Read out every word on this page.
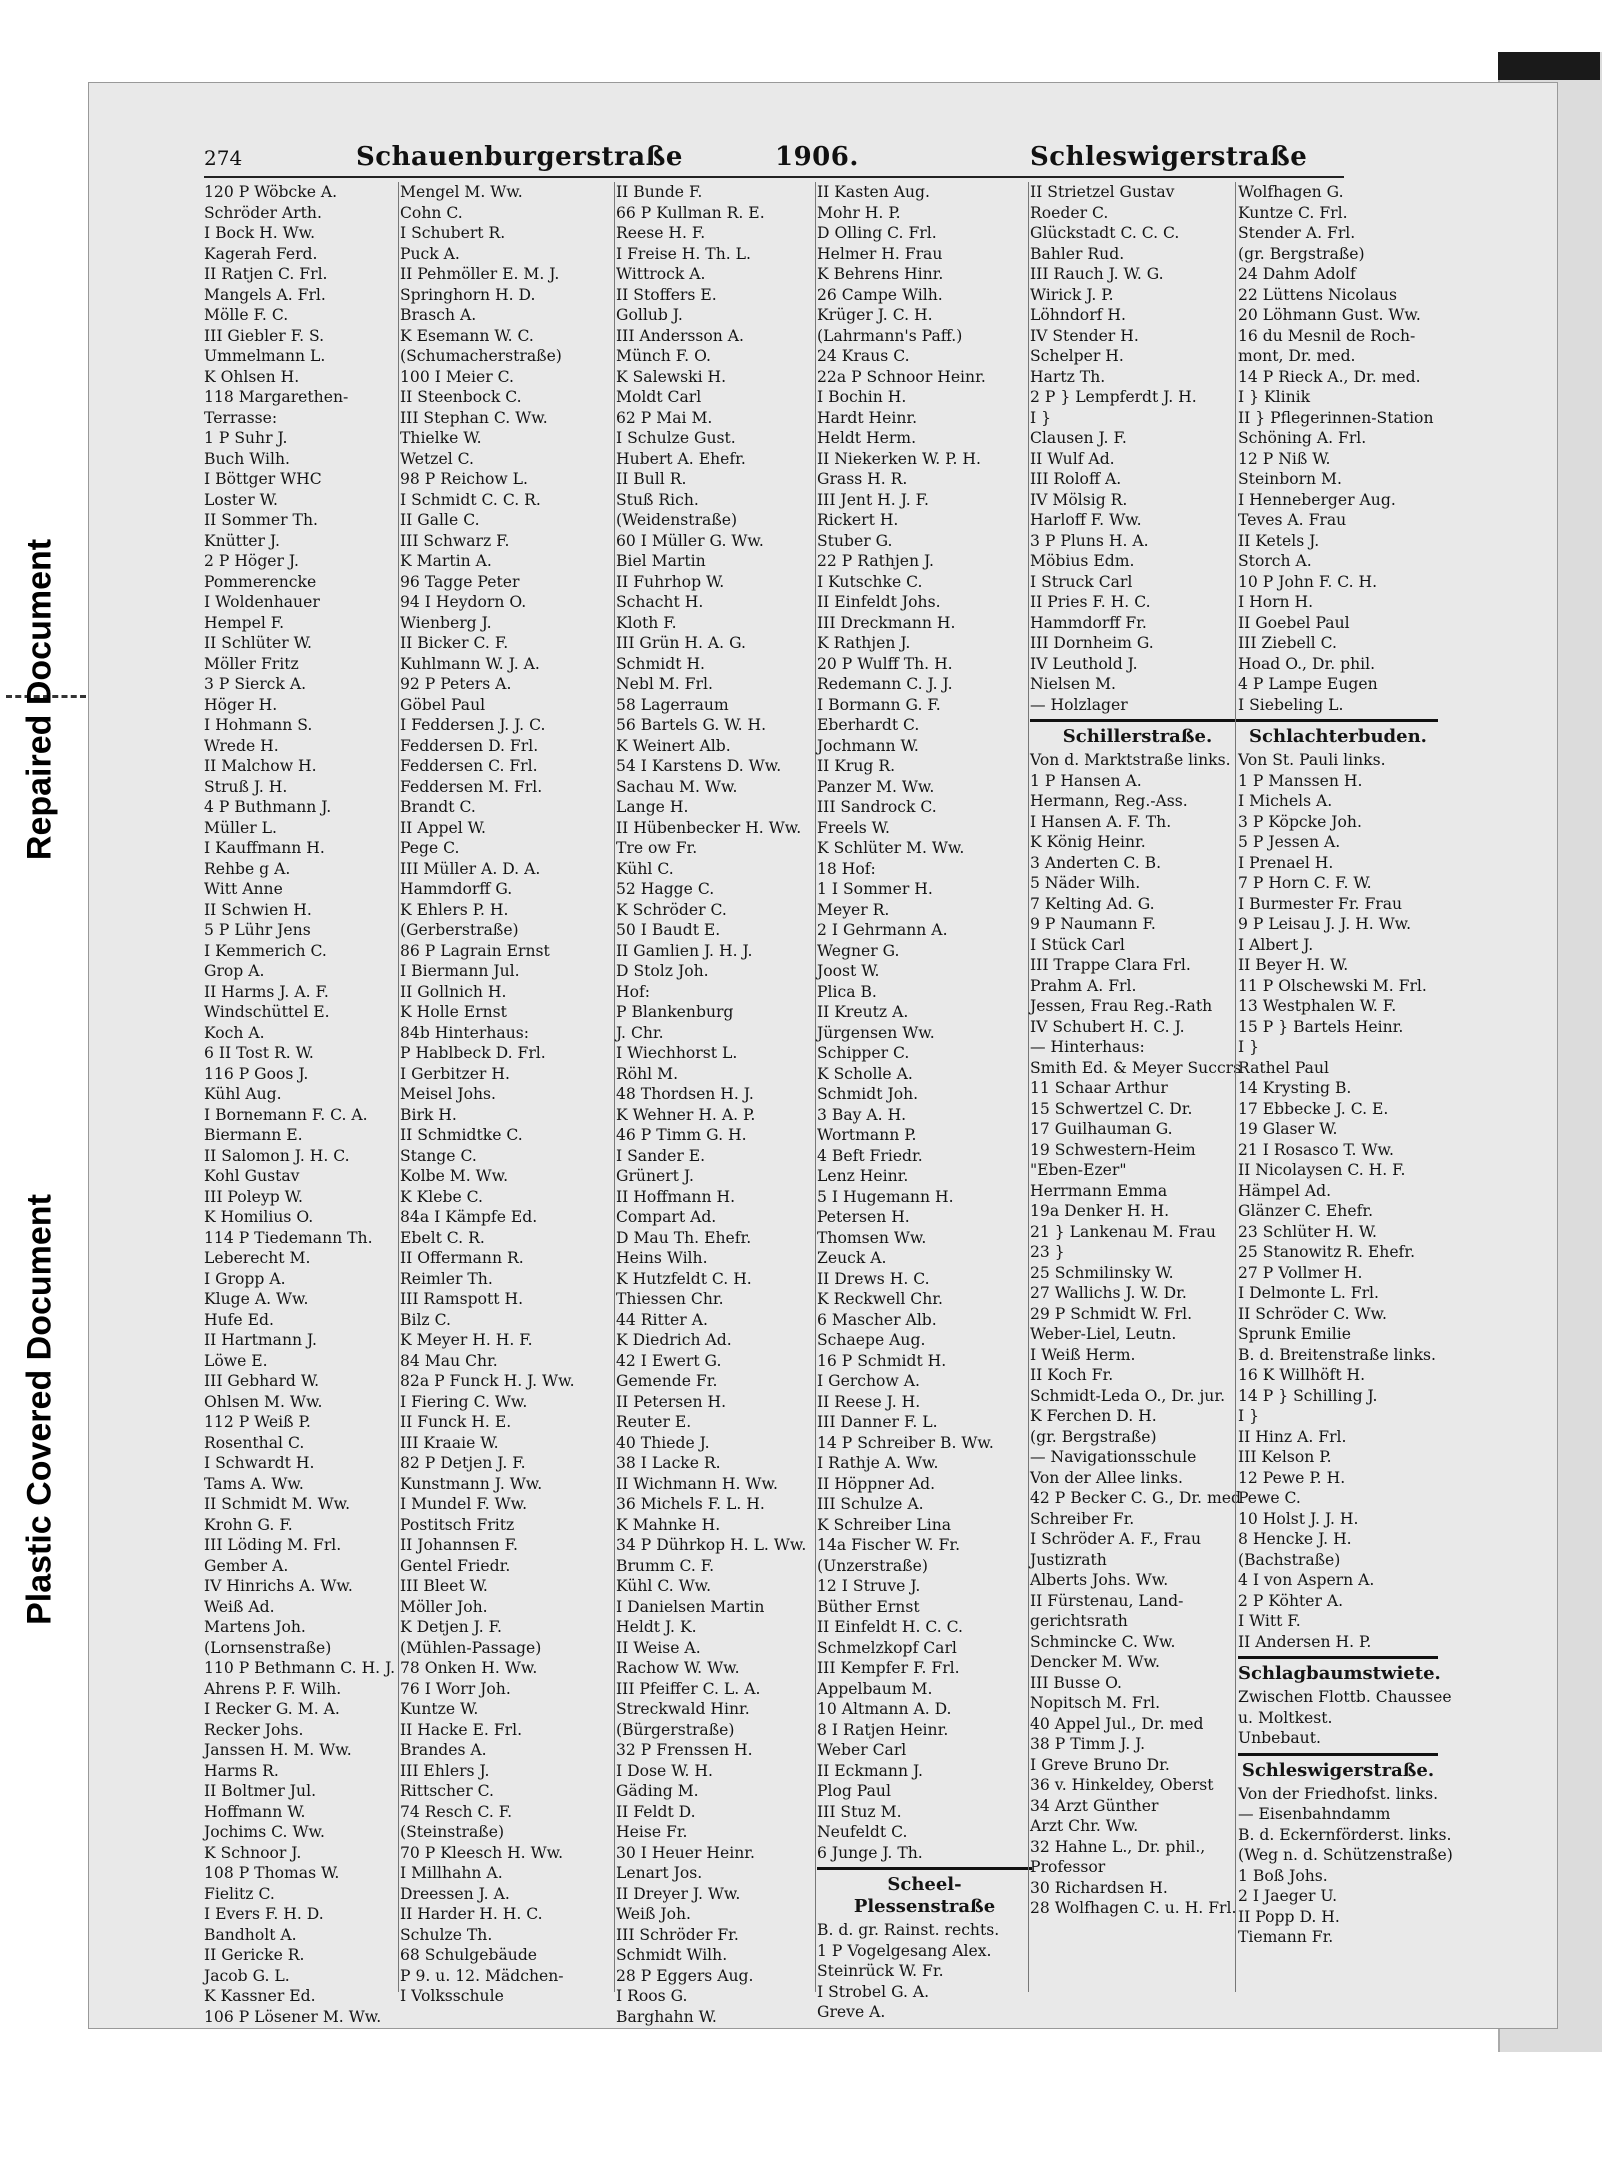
Repaired Document
Plastic Covered Document
274	Schauenburgerstraße	1906.	Schleswigerstraße
120 P Wöbcke A.
Schröder Arth.
I Bock H. Ww.
Kagerah Ferd.
II Ratjen C. Frl.
Mangels A. Frl.
Mölle F. C.
III Giebler F. S.
Ummelmann L.
K Ohlsen H.
118 Margarethen-
Terrasse:
1 P Suhr J.
Buch Wilh.
I Böttger WHC
Loster W.
II Sommer Th.
Knütter J.
2 P Höger J.
Pommerencke
I Woldenhauer
Hempel F.
II Schlüter W.
Möller Fritz
3 P Sierck A.
Höger H.
I Hohmann S.
Wrede H.
II Malchow H.
Struß J. H.
4 P Buthmann J.
Müller L.
I Kauffmann H.
Rehbe g A.
Witt Anne
II Schwien H.
5 P Lühr Jens
I Kemmerich C.
Grop A.
II Harms J. A. F.
Windschüttel E.
Koch A.
6 II Tost R. W.
116 P Goos J.
Kühl Aug.
I Bornemann F. C. A.
Biermann E.
II Salomon J. H. C.
Kohl Gustav
III Poleyp W.
K Homilius O.
114 P Tiedemann Th.
Leberecht M.
I Gropp A.
Kluge A. Ww.
Hufe Ed.
II Hartmann J.
Löwe E.
III Gebhard W.
Ohlsen M. Ww.
112 P Weiß P.
Rosenthal C.
I Schwardt H.
Tams A. Ww.
II Schmidt M. Ww.
Krohn G. F.
III Löding M. Frl.
Gember A.
IV Hinrichs A. Ww.
Weiß Ad.
Martens Joh.
(Lornsenstraße)
110 P Bethmann C. H. J.
Ahrens P. F. Wilh.
I Recker G. M. A.
Recker Johs.
Janssen H. M. Ww.
Harms R.
II Boltmer Jul.
Hoffmann W.
Jochims C. Ww.
K Schnoor J.
108 P Thomas W.
Fielitz C.
I Evers F. H. D.
Bandholt A.
II Gericke R.
Jacob G. L.
K Kassner Ed.
106 P Lösener M. Ww.
Mengel M. Ww.
Cohn C.
I Schubert R.
Puck A.
II Pehmöller E. M. J.
Springhorn H. D.
Brasch A.
K Esemann W. C.
(Schumacherstraße)
100 I Meier C.
II Steenbock C.
III Stephan C. Ww.
Thielke W.
Wetzel C.
98 P Reichow L.
I Schmidt C. C. R.
II Galle C.
III Schwarz F.
K Martin A.
96 Tagge Peter
94 I Heydorn O.
Wienberg J.
II Bicker C. F.
Kuhlmann W. J. A.
92 P Peters A.
Göbel Paul
I Feddersen J. J. C.
Feddersen D. Frl.
Feddersen C. Frl.
Feddersen M. Frl.
Brandt C.
II Appel W.
Pege C.
III Müller A. D. A.
Hammdorff G.
K Ehlers P. H.
(Gerberstraße)
86 P Lagrain Ernst
I Biermann Jul.
II Gollnich H.
K Holle Ernst
84b Hinterhaus:
P Hablbeck D. Frl.
I Gerbitzer H.
Meisel Johs.
Birk H.
II Schmidtke C.
Stange C.
Kolbe M. Ww.
K Klebe C.
84a I Kämpfe Ed.
Ebelt C. R.
II Offermann R.
Reimler Th.
III Ramspott H.
Bilz C.
K Meyer H. H. F.
84 Mau Chr.
82a P Funck H. J. Ww.
I Fiering C. Ww.
II Funck H. E.
III Kraaie W.
82 P Detjen J. F.
Kunstmann J. Ww.
I Mundel F. Ww.
Postitsch Fritz
II Johannsen F.
Gentel Friedr.
III Bleet W.
Möller Joh.
K Detjen J. F.
(Mühlen-Passage)
78 Onken H. Ww.
76 I Worr Joh.
Kuntze W.
II Hacke E. Frl.
Brandes A.
III Ehlers J.
Rittscher C.
74 Resch C. F.
(Steinstraße)
70 P Kleesch H. Ww.
I Millhahn A.
Dreessen J. A.
II Harder H. H. C.
Schulze Th.
68 Schulgebäude
P 9. u. 12. Mädchen-
I Volksschule
II Bunde F.
66 P Kullman R. E.
Reese H. F.
I Freise H. Th. L.
Wittrock A.
II Stoffers E.
Gollub J.
III Andersson A.
Münch F. O.
K Salewski H.
Moldt Carl
62 P Mai M.
I Schulze Gust.
Hubert A. Ehefr.
II Bull R.
Stuß Rich.
(Weidenstraße)
60 I Müller G. Ww.
Biel Martin
II Fuhrhop W.
Schacht H.
Kloth F.
III Grün H. A. G.
Schmidt H.
Nebl M. Frl.
58 Lagerraum
56 Bartels G. W. H.
K Weinert Alb.
54 I Karstens D. Ww.
Sachau M. Ww.
Lange H.
II Hübenbecker H. Ww.
Tre ow Fr.
Kühl C.
52 Hagge C.
K Schröder C.
50 I Baudt E.
II Gamlien J. H. J.
D Stolz Joh.
Hof:
P Blankenburg
J. Chr.
I Wiechhorst L.
Röhl M.
48 Thordsen H. J.
K Wehner H. A. P.
46 P Timm G. H.
I Sander E.
Grünert J.
II Hoffmann H.
Compart Ad.
D Mau Th. Ehefr.
Heins Wilh.
K Hutzfeldt C. H.
Thiessen Chr.
44 Ritter A.
K Diedrich Ad.
42 I Ewert G.
Gemende Fr.
II Petersen H.
Reuter E.
40 Thiede J.
38 I Lacke R.
II Wichmann H. Ww.
36 Michels F. L. H.
K Mahnke H.
34 P Dührkop H. L. Ww.
Brumm C. F.
Kühl C. Ww.
I Danielsen Martin
Heldt J. K.
II Weise A.
Rachow W. Ww.
III Pfeiffer C. L. A.
Streckwald Hinr.
(Bürgerstraße)
32 P Frenssen H.
I Dose W. H.
Gäding M.
II Feldt D.
Heise Fr.
30 I Heuer Heinr.
Lenart Jos.
II Dreyer J. Ww.
Weiß Joh.
III Schröder Fr.
Schmidt Wilh.
28 P Eggers Aug.
I Roos G.
Barghahn W.
II Kasten Aug.
Mohr H. P.
D Olling C. Frl.
Helmer H. Frau
K Behrens Hinr.
26 Campe Wilh.
Krüger J. C. H.
(Lahrmann's Paff.)
24 Kraus C.
22a P Schnoor Heinr.
I Bochin H.
Hardt Heinr.
Heldt Herm.
II Niekerken W. P. H.
Grass H. R.
III Jent H. J. F.
Rickert H.
Stuber G.
22 P Rathjen J.
I Kutschke C.
II Einfeldt Johs.
III Dreckmann H.
K Rathjen J.
20 P Wulff Th. H.
Redemann C. J. J.
I Bormann G. F.
Eberhardt C.
Jochmann W.
II Krug R.
Panzer M. Ww.
III Sandrock C.
Freels W.
K Schlüter M. Ww.
18 Hof:
1 I Sommer H.
Meyer R.
2 I Gehrmann A.
Wegner G.
Joost W.
Plica B.
II Kreutz A.
Jürgensen Ww.
Schipper C.
K Scholle A.
Schmidt Joh.
3 Bay A. H.
Wortmann P.
4 Beft Friedr.
Lenz Heinr.
5 I Hugemann H.
Petersen H.
Thomsen Ww.
Zeuck A.
II Drews H. C.
K Reckwell Chr.
6 Mascher Alb.
Schaepe Aug.
16 P Schmidt H.
I Gerchow A.
II Reese J. H.
III Danner F. L.
14 P Schreiber B. Ww.
I Rathje A. Ww.
II Höppner Ad.
III Schulze A.
K Schreiber Lina
14a Fischer W. Fr.
(Unzerstraße)
12 I Struve J.
Büther Ernst
II Einfeldt H. C. C.
Schmelzkopf Carl
III Kempfer F. Frl.
Appelbaum M.
10 Altmann A. D.
8 I Ratjen Heinr.
Weber Carl
II Eckmann J.
Plog Paul
III Stuz M.
Neufeldt C.
6 Junge J. Th.
Scheel-Plessenstraße
B. d. gr. Rainst. rechts.
1 P Vogelgesang Alex.
Steinrück W. Fr.
I Strobel G. A.
Greve A.
II Strietzel Gustav
Roeder C.
Glückstadt C. C. C.
Bahler Rud.
III Rauch J. W. G.
Wirick J. P.
Löhndorf H.
IV Stender H.
Schelper H.
Hartz Th.
2 P } Lempferdt J. H.
I }
Clausen J. F.
II Wulf Ad.
III Roloff A.
IV Mölsig R.
Harloff F. Ww.
3 P Pluns H. A.
Möbius Edm.
I Struck Carl
II Pries F. H. C.
Hammdorff Fr.
III Dornheim G.
IV Leuthold J.
Nielsen M.
— Holzlager
Schillerstraße.
Von d. Marktstraße links.
1 P Hansen A.
Hermann, Reg.-Ass.
I Hansen A. F. Th.
K König Heinr.
3 Anderten C. B.
5 Näder Wilh.
7 Kelting Ad. G.
9 P Naumann F.
I Stück Carl
III Trappe Clara Frl.
Prahm A. Frl.
Jessen, Frau Reg.-Rath
IV Schubert H. C. J.
— Hinterhaus:
Smith Ed. & Meyer Succrs
11 Schaar Arthur
15 Schwertzel C. Dr.
17 Guilhauman G.
19 Schwestern-Heim
"Eben-Ezer"
Herrmann Emma
19a Denker H. H.
21 } Lankenau M. Frau
23 }
25 Schmilinsky W.
27 Wallichs J. W. Dr.
29 P Schmidt W. Frl.
Weber-Liel, Leutn.
I Weiß Herm.
II Koch Fr.
Schmidt-Leda O., Dr. jur.
K Ferchen D. H.
(gr. Bergstraße)
— Navigationsschule
Von der Allee links.
42 P Becker C. G., Dr. med
Schreiber Fr.
I Schröder A. F., Frau
Justizrath
Alberts Johs. Ww.
II Fürstenau, Land-
gerichtsrath
Schmincke C. Ww.
Dencker M. Ww.
III Busse O.
Nopitsch M. Frl.
40 Appel Jul., Dr. med
38 P Timm J. J.
I Greve Bruno Dr.
36 v. Hinkeldey, Oberst
34 Arzt Günther
Arzt Chr. Ww.
32 Hahne L., Dr. phil.,
Professor
30 Richardsen H.
28 Wolfhagen C. u. H. Frl.
Wolfhagen G.
Kuntze C. Frl.
Stender A. Frl.
(gr. Bergstraße)
24 Dahm Adolf
22 Lüttens Nicolaus
20 Löhmann Gust. Ww.
16 du Mesnil de Roch-
mont, Dr. med.
14 P Rieck A., Dr. med.
I } Klinik
II } Pflegerinnen-Station
Schöning A. Frl.
12 P Niß W.
Steinborn M.
I Henneberger Aug.
Teves A. Frau
II Ketels J.
Storch A.
10 P John F. C. H.
I Horn H.
II Goebel Paul
III Ziebell C.
Hoad O., Dr. phil.
4 P Lampe Eugen
I Siebeling L.
Schlachterbuden.
Von St. Pauli links.
1 P Manssen H.
I Michels A.
3 P Köpcke Joh.
5 P Jessen A.
I Prenael H.
7 P Horn C. F. W.
I Burmester Fr. Frau
9 P Leisau J. J. H. Ww.
I Albert J.
II Beyer H. W.
11 P Olschewski M. Frl.
13 Westphalen W. F.
15 P } Bartels Heinr.
I }
Rathel Paul
14 Krysting B.
17 Ebbecke J. C. E.
19 Glaser W.
21 I Rosasco T. Ww.
II Nicolaysen C. H. F.
Hämpel Ad.
Glänzer C. Ehefr.
23 Schlüter H. W.
25 Stanowitz R. Ehefr.
27 P Vollmer H.
I Delmonte L. Frl.
II Schröder C. Ww.
Sprunk Emilie
B. d. Breitenstraße links.
16 K Willhöft H.
14 P } Schilling J.
I }
II Hinz A. Frl.
III Kelson P.
12 Pewe P. H.
Pewe C.
10 Holst J. J. H.
8 Hencke J. H.
(Bachstraße)
4 I von Aspern A.
2 P Köhter A.
I Witt F.
II Andersen H. P.
Schlagbaumstwiete.
Zwischen Flottb. Chaussee
u. Moltkest.
Unbebaut.
Schleswigerstraße.
Von der Friedhofst. links.
— Eisenbahndamm
B. d. Eckernförderst. links.
(Weg n. d. Schützenstraße)
1 Boß Johs.
2 I Jaeger U.
II Popp D. H.
Tiemann Fr.
